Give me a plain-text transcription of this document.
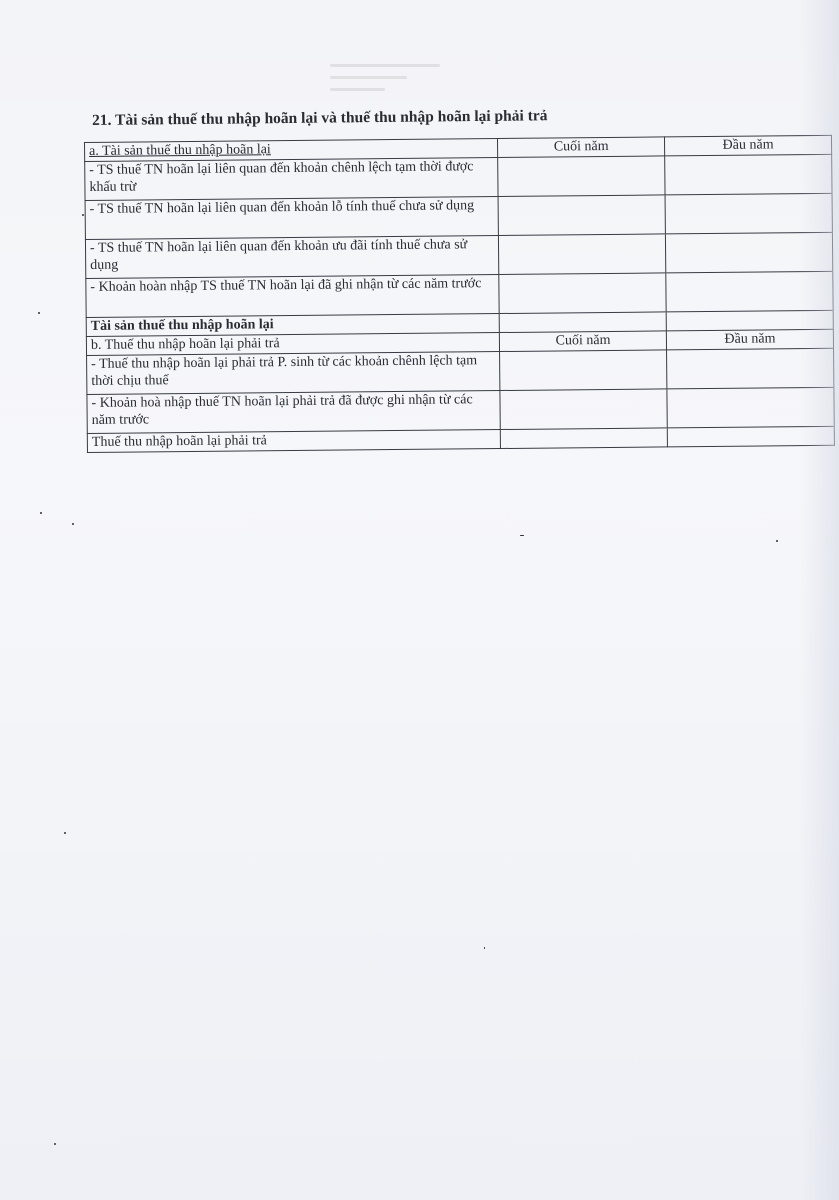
21. Tài sản thuế thu nhập hoãn lại và thuế thu nhập hoãn lại phải trả
a. Tài sản thuế thu nhập hoãn lại	Cuối năm	Đầu năm
- TS thuế TN hoãn lại liên quan đến khoản chênh lệch tạm thời được khấu trừ		
- TS thuế TN hoãn lại liên quan đến khoản lỗ tính thuế chưa sử dụng		
- TS thuế TN hoãn lại liên quan đến khoản ưu đãi tính thuế chưa sử dụng		
- Khoản hoàn nhập TS thuế TN hoãn lại đã ghi nhận từ các năm trước		
Tài sản thuế thu nhập hoãn lại		
b. Thuế thu nhập hoãn lại phải trả	Cuối năm	Đầu năm
- Thuế thu nhập hoãn lại phải trả P. sinh từ các khoản chênh lệch tạm thời chịu thuế		
- Khoản hoà nhập thuế TN hoãn lại phải trả đã được ghi nhận từ các năm trước		
Thuế thu nhập hoãn lại phải trả		
